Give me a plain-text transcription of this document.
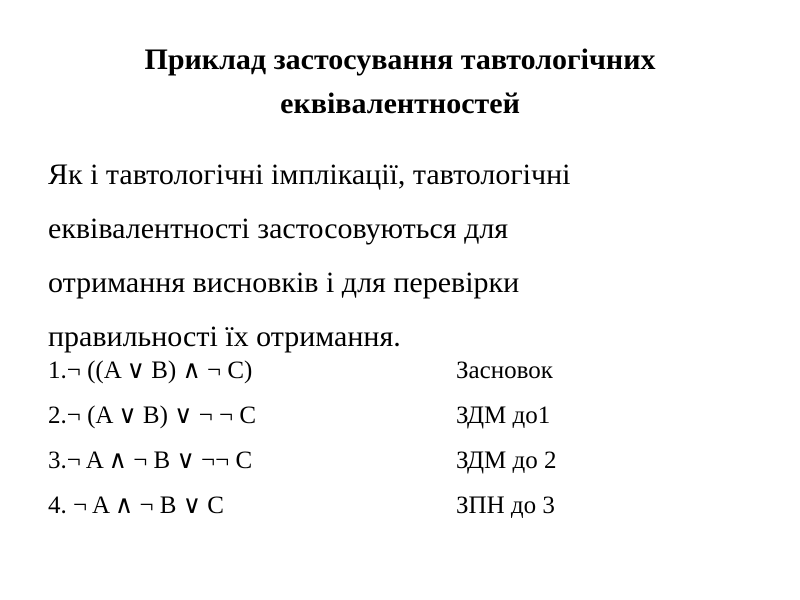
Приклад застосування тавтологічних
еквівалентностей
Як і тавтологічні імплікації, тавтологічні
еквівалентності застосовуються для
отримання висновків і для перевірки
правильності їх отримання.
1.¬ ((A ∨ B) ∧ ¬ C)	Засновок
2.¬ (A ∨ B) ∨ ¬ ¬ C	ЗДМ до1
3.¬ A ∧ ¬ B ∨ ¬¬ C	ЗДМ до 2
4. ¬ A ∧ ¬ B ∨ C	ЗПН до 3
